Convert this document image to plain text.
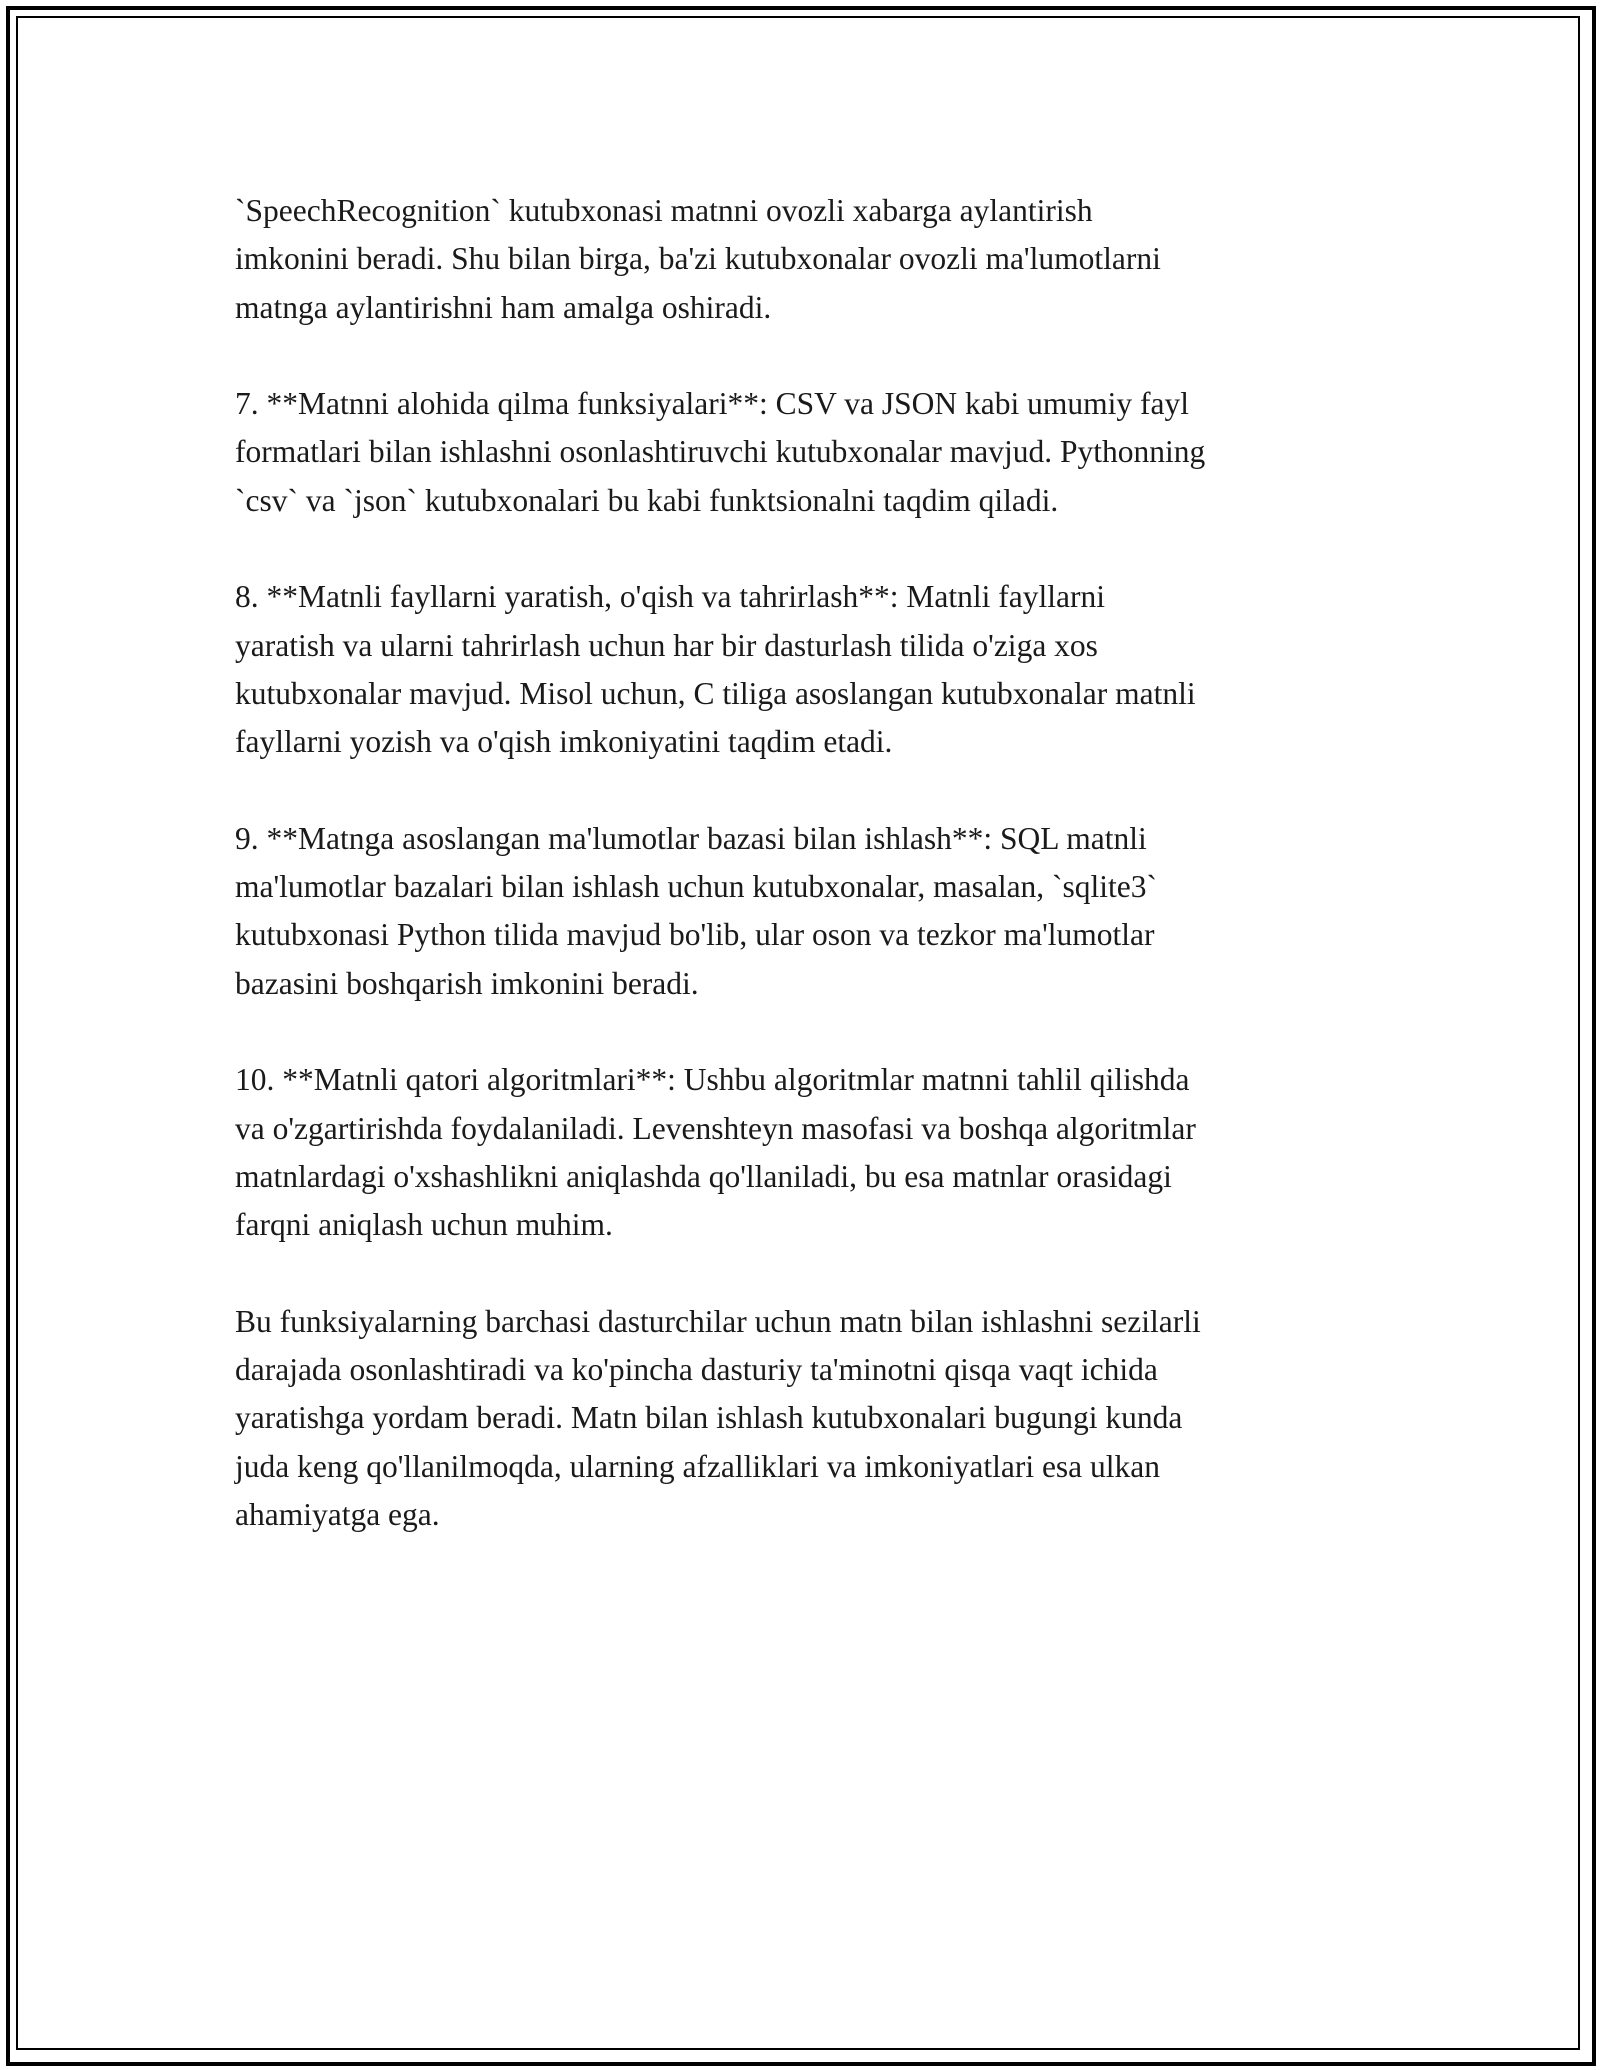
`SpeechRecognition` kutubxonasi matnni ovozli xabarga aylantirish
imkonini beradi. Shu bilan birga, ba'zi kutubxonalar ovozli ma'lumotlarni
matnga aylantirishni ham amalga oshiradi.

7. **Matnni alohida qilma funksiyalari**: CSV va JSON kabi umumiy fayl
formatlari bilan ishlashni osonlashtiruvchi kutubxonalar mavjud. Pythonning
`csv` va `json` kutubxonalari bu kabi funktsionalni taqdim qiladi.

8. **Matnli fayllarni yaratish, o'qish va tahrirlash**: Matnli fayllarni
yaratish va ularni tahrirlash uchun har bir dasturlash tilida o'ziga xos
kutubxonalar mavjud. Misol uchun, C tiliga asoslangan kutubxonalar matnli
fayllarni yozish va o'qish imkoniyatini taqdim etadi.

9. **Matnga asoslangan ma'lumotlar bazasi bilan ishlash**: SQL matnli
ma'lumotlar bazalari bilan ishlash uchun kutubxonalar, masalan, `sqlite3`
kutubxonasi Python tilida mavjud bo'lib, ular oson va tezkor ma'lumotlar
bazasini boshqarish imkonini beradi.

10. **Matnli qatori algoritmlari**: Ushbu algoritmlar matnni tahlil qilishda
va o'zgartirishda foydalaniladi. Levenshteyn masofasi va boshqa algoritmlar
matnlardagi o'xshashlikni aniqlashda qo'llaniladi, bu esa matnlar orasidagi
farqni aniqlash uchun muhim.

Bu funksiyalarning barchasi dasturchilar uchun matn bilan ishlashni sezilarli
darajada osonlashtiradi va ko'pincha dasturiy ta'minotni qisqa vaqt ichida
yaratishga yordam beradi. Matn bilan ishlash kutubxonalari bugungi kunda
juda keng qo'llanilmoqda, ularning afzalliklari va imkoniyatlari esa ulkan
ahamiyatga ega.
